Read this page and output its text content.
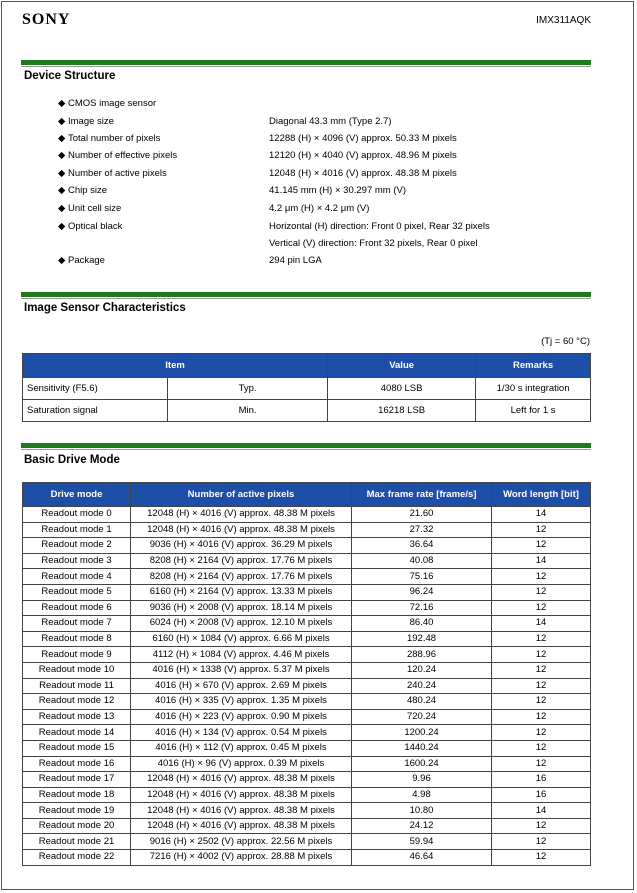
SONY	IMX311AQK
Device Structure
◆ CMOS image sensor
◆ Image size	Diagonal 43.3 mm (Type 2.7)
◆ Total number of pixels	12288 (H) × 4096 (V) approx. 50.33 M pixels
◆ Number of effective pixels	12120 (H) × 4040 (V) approx. 48.96 M pixels
◆ Number of active pixels	12048 (H) × 4016 (V) approx. 48.38 M pixels
◆ Chip size	41.145 mm (H) × 30.297 mm (V)
◆ Unit cell size	4.2 μm (H) × 4.2 μm (V)
◆ Optical black	Horizontal (H) direction: Front 0 pixel, Rear 32 pixels
Vertical (V) direction: Front 32 pixels, Rear 0 pixel
◆ Package	294 pin LGA
Image Sensor Characteristics
(Tj = 60 °C)
Item		Value	Remarks
Sensitivity (F5.6)	Typ.	4080 LSB	1/30 s integration
Saturation signal	Min.	16218 LSB	Left for 1 s
Basic Drive Mode
Drive mode	Number of active pixels	Max frame rate [frame/s]	Word length [bit]
Readout mode 0	12048 (H) × 4016 (V) approx. 48.38 M pixels	21.60	14
Readout mode 1	12048 (H) × 4016 (V) approx. 48.38 M pixels	27.32	12
Readout mode 2	9036 (H) × 4016 (V) approx. 36.29 M pixels	36.64	12
Readout mode 3	8208 (H) × 2164 (V) approx. 17.76 M pixels	40.08	14
Readout mode 4	8208 (H) × 2164 (V) approx. 17.76 M pixels	75.16	12
Readout mode 5	6160 (H) × 2164 (V) approx. 13.33 M pixels	96.24	12
Readout mode 6	9036 (H) × 2008 (V) approx. 18.14 M pixels	72.16	12
Readout mode 7	6024 (H) × 2008 (V) approx. 12.10 M pixels	86.40	14
Readout mode 8	6160 (H) × 1084 (V) approx. 6.66 M pixels	192.48	12
Readout mode 9	4112 (H) × 1084 (V) approx. 4.46 M pixels	288.96	12
Readout mode 10	4016 (H) × 1338 (V) approx. 5.37 M pixels	120.24	12
Readout mode 11	4016 (H) × 670 (V) approx. 2.69 M pixels	240.24	12
Readout mode 12	4016 (H) × 335 (V) approx. 1.35 M pixels	480.24	12
Readout mode 13	4016 (H) × 223 (V) approx. 0.90 M pixels	720.24	12
Readout mode 14	4016 (H) × 134 (V) approx. 0.54 M pixels	1200.24	12
Readout mode 15	4016 (H) × 112 (V) approx. 0.45 M pixels	1440.24	12
Readout mode 16	4016 (H) × 96 (V) approx. 0.39 M pixels	1600.24	12
Readout mode 17	12048 (H) × 4016 (V) approx. 48.38 M pixels	9.96	16
Readout mode 18	12048 (H) × 4016 (V) approx. 48.38 M pixels	4.98	16
Readout mode 19	12048 (H) × 4016 (V) approx. 48.38 M pixels	10.80	14
Readout mode 20	12048 (H) × 4016 (V) approx. 48.38 M pixels	24.12	12
Readout mode 21	9016 (H) × 2502 (V) approx. 22.56 M pixels	59.94	12
Readout mode 22	7216 (H) × 4002 (V) approx. 28.88 M pixels	46.64	12
